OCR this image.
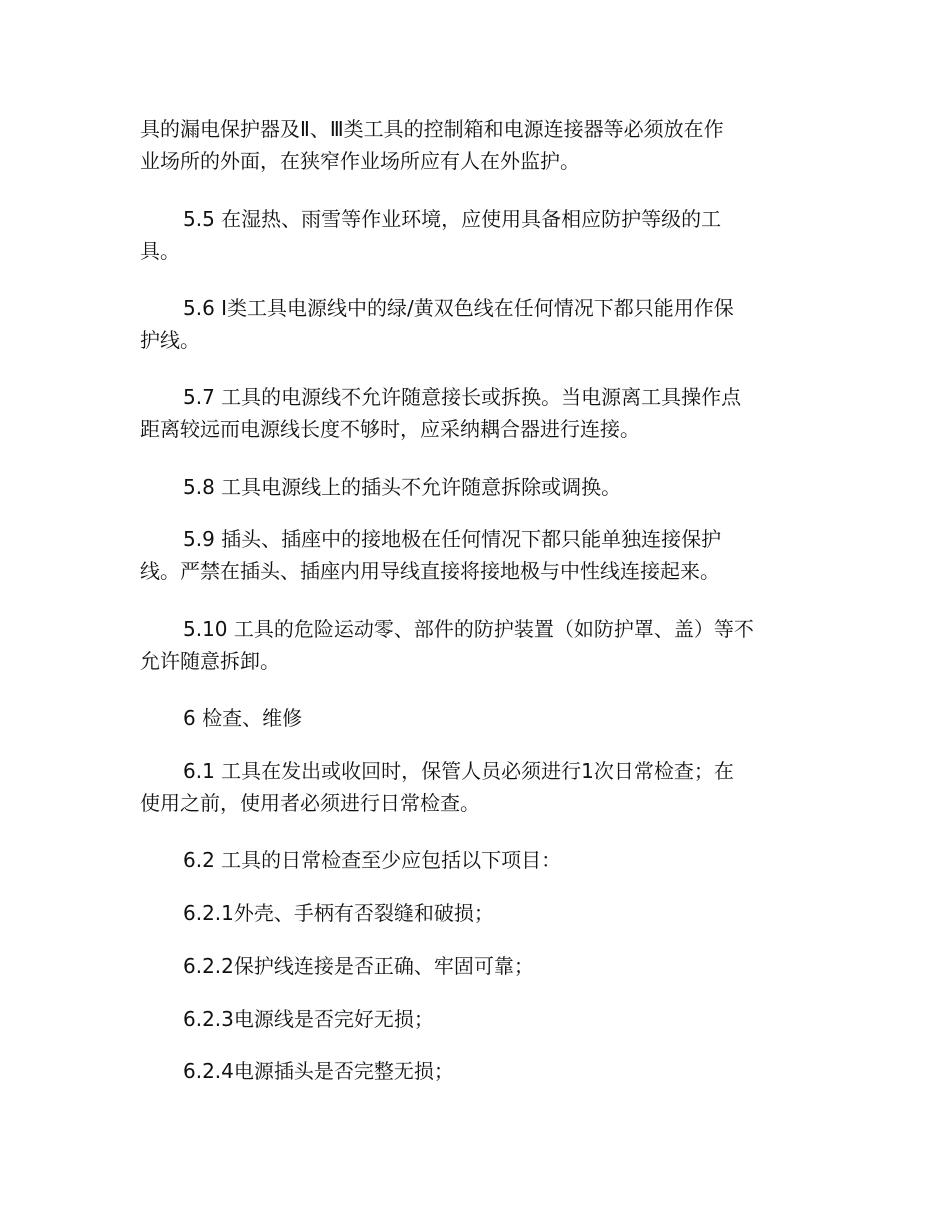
具的漏电保护器及Ⅱ、Ⅲ类工具的控制箱和电源连接器等必须放在作
业场所的外面，在狭窄作业场所应有人在外监护。

5.5 在湿热、雨雪等作业环境，应使用具备相应防护等级的工
具。

5.6 Ⅰ类工具电源线中的绿/黄双色线在任何情况下都只能用作保
护线。

5.7 工具的电源线不允许随意接长或拆换。当电源离工具操作点
距离较远而电源线长度不够时，应采纳耦合器进行连接。

5.8 工具电源线上的插头不允许随意拆除或调换。

5.9 插头、插座中的接地极在任何情况下都只能单独连接保护
线。严禁在插头、插座内用导线直接将接地极与中性线连接起来。

5.10 工具的危险运动零、部件的防护装置（如防护罩、盖）等不
允许随意拆卸。

6 检查、维修

6.1 工具在发出或收回时，保管人员必须进行1次日常检查；在
使用之前，使用者必须进行日常检查。

6.2 工具的日常检查至少应包括以下项目：

6.2.1外壳、手柄有否裂缝和破损；

6.2.2保护线连接是否正确、牢固可靠；

6.2.3电源线是否完好无损；

6.2.4电源插头是否完整无损；
